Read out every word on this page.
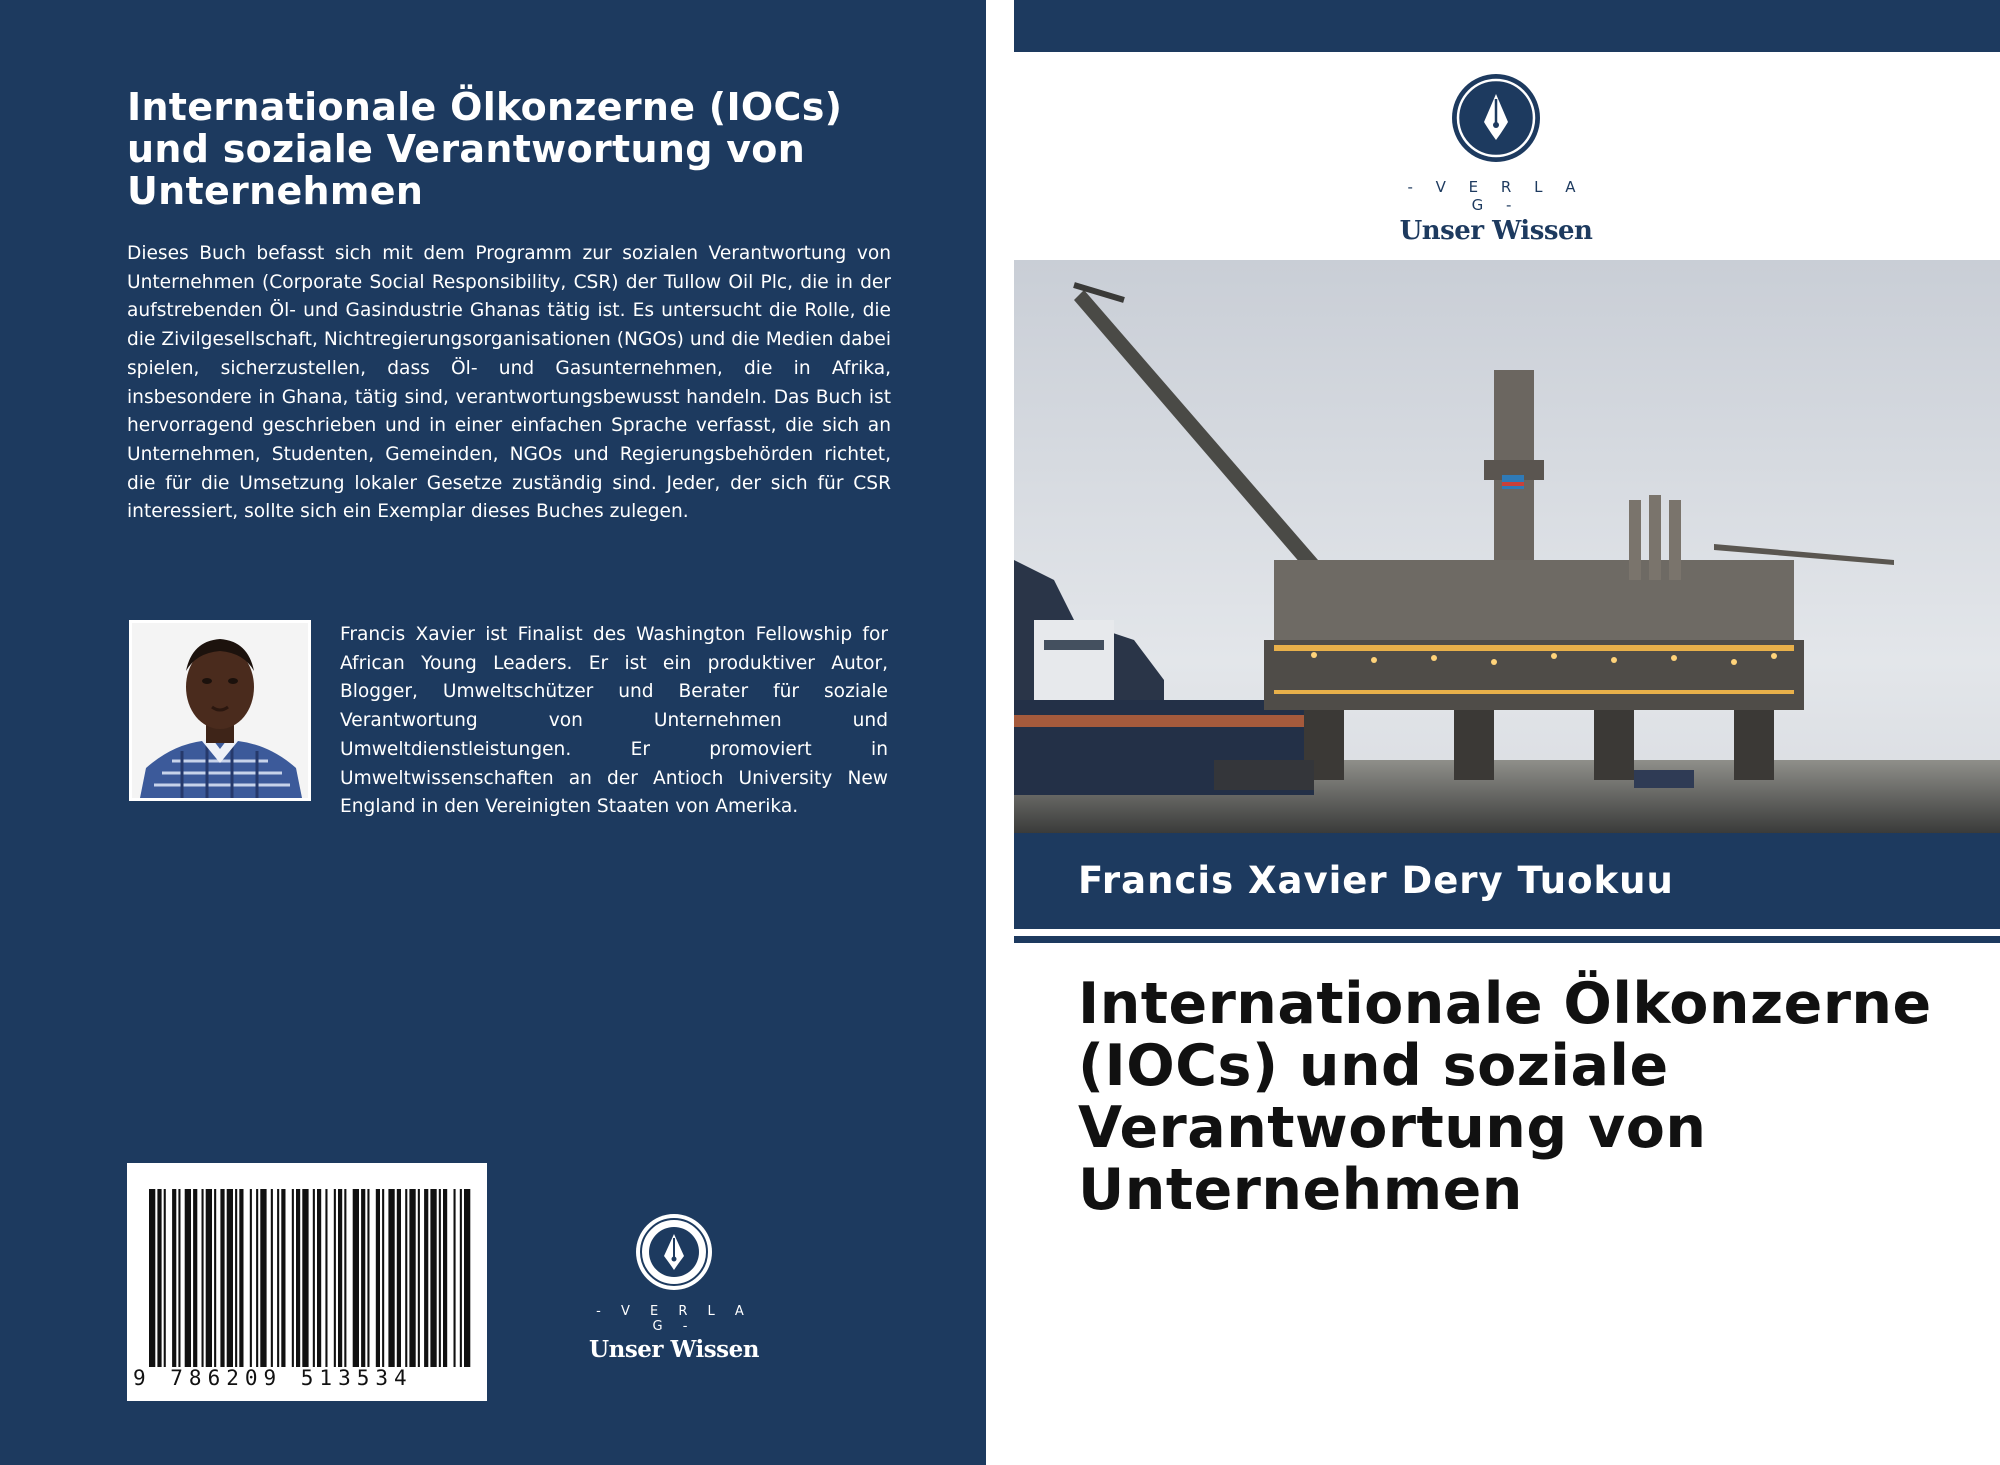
Internationale Ölkonzerne (IOCs) und soziale Verantwortung von Unternehmen

Dieses Buch befasst sich mit dem Programm zur sozialen Verantwortung von Unternehmen (Corporate Social Responsibility, CSR) der Tullow Oil Plc, die in der aufstrebenden Öl- und Gasindustrie Ghanas tätig ist. Es untersucht die Rolle, die die Zivilgesellschaft, Nichtregierungsorganisationen (NGOs) und die Medien dabei spielen, sicherzustellen, dass Öl- und Gasunternehmen, die in Afrika, insbesondere in Ghana, tätig sind, verantwortungsbewusst handeln. Das Buch ist hervorragend geschrieben und in einer einfachen Sprache verfasst, die sich an Unternehmen, Studenten, Gemeinden, NGOs und Regierungsbehörden richtet, die für die Umsetzung lokaler Gesetze zuständig sind. Jeder, der sich für CSR interessiert, sollte sich ein Exemplar dieses Buches zulegen.

Francis Xavier ist Finalist des Washington Fellowship for African Young Leaders. Er ist ein produktiver Autor, Blogger, Umweltschützer und Berater für soziale Verantwortung von Unternehmen und Umweltdienstleistungen. Er promoviert in Umweltwissenschaften an der Antioch University New England in den Vereinigten Staaten von Amerika.

9 786209 513534
- V E R L A G -
Unser Wissen
- V E R L A G -
Unser Wissen
Francis Xavier Dery Tuokuu
Internationale Ölkonzerne (IOCs) und soziale Verantwortung von Unternehmen
